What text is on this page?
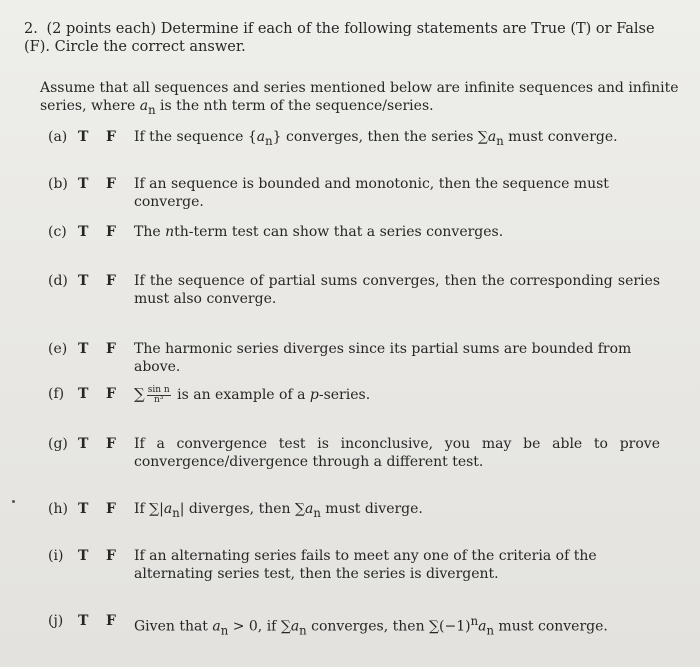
2. (2 points each) Determine if each of the following statements are True (T) or False (F). Circle the correct answer.
Assume that all sequences and series mentioned below are infinite sequences and infinite series, where $a_n$ is the nth term of the sequence/series.
(a) T	F	If the sequence $\{a_n\}$ converges, then the series $\sum a_n$ must converge.
(b) T	F	If an sequence is bounded and monotonic, then the sequence must converge.
(c) T	F	The nth-term test can show that a series converges.
(d) T	F	If the sequence of partial sums converges, then the corresponding series must also converge.
(e) T	F	The harmonic series diverges since its partial sums are bounded from above.
(f) T	F	∑ $\frac{\text{sin n}}{\text{n³}}$ is an example of a p-series.
(g) T	F	If a convergence test is inconclusive, you may be able to prove convergence/divergence through a different test.
(h) T	F	If $\sum|a_n|$ diverges, then $\sum a_n$ must diverge.
(i)	T	F	If an alternating series fails to meet any one of the criteria of the alternating series test, then the series is divergent.
(j)	T	F	Given that $a_n > 0$, if $\sum a_n$ converges, then $\sum(-1)^na_n$ must converge.
